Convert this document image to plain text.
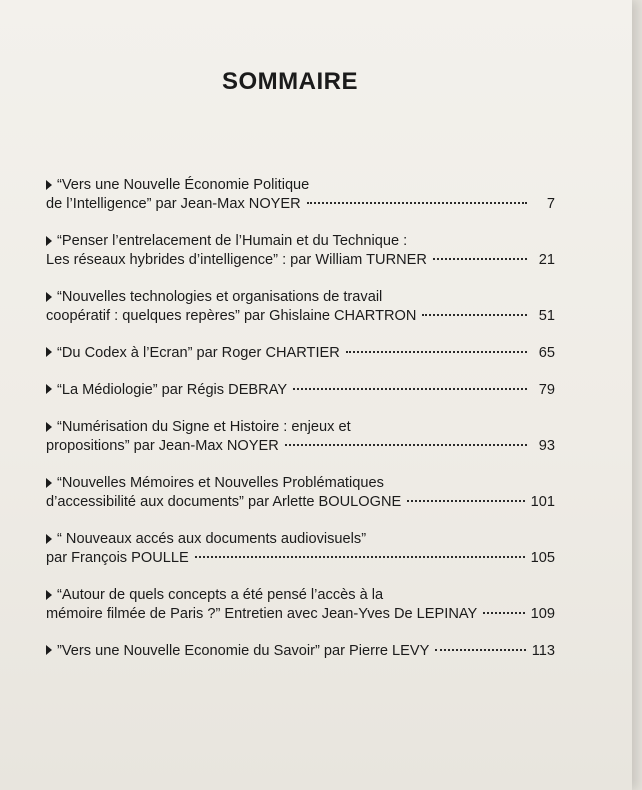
SOMMAIRE
“Vers une Nouvelle Économie Politique
de l’Intelligence” par Jean-Max NOYER	7
“Penser l’entrelacement de l’Humain et du Technique :
Les réseaux hybrides d’intelligence” : par William TURNER	21
“Nouvelles technologies et organisations de travail
coopératif : quelques repères” par Ghislaine CHARTRON	51
“Du Codex à l’Ecran” par Roger CHARTIER	65
“La Médiologie” par Régis DEBRAY	79
“Numérisation du Signe et Histoire : enjeux et
propositions” par Jean-Max NOYER	93
“Nouvelles Mémoires et Nouvelles Problématiques
d’accessibilité aux documents” par Arlette BOULOGNE	101
“ Nouveaux accés aux documents audiovisuels”
par François POULLE	105
“Autour de quels concepts a été pensé l’accès à la
mémoire filmée de Paris ?” Entretien avec Jean-Yves De LEPINAY	109
”Vers une Nouvelle Economie du Savoir” par Pierre LEVY	113
